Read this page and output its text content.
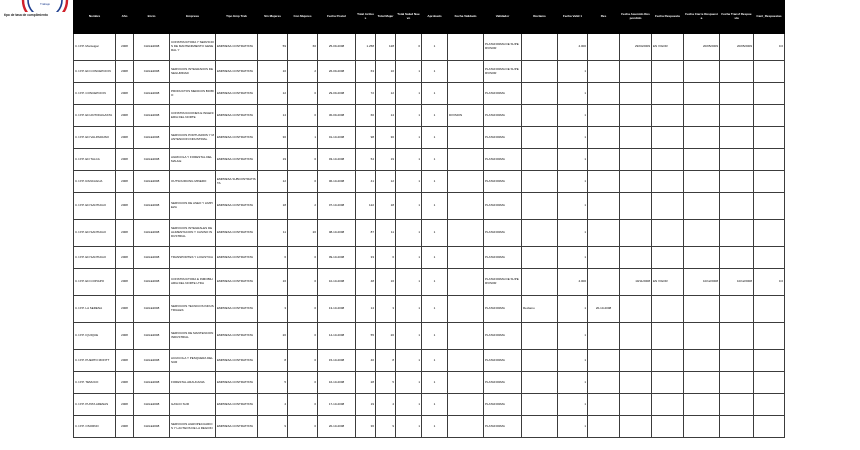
Trabajo
tipo de tasa de cumplimiento	Nombre	Año	Inicio	Empresa	Tipo Emp Trab	Sin Mujeres	Con Mujeres	Fecha Postul	Total Activos	Total Mujer	Total Salud Nuevo	Aprobado	Fecha Validado	Validador	Reclamo	Fecha Valid 1	Res	Fecha Asumido Respondido	Fecha Respuesta	Fecha Cierre Respuesta	Fecha Transf Respuesta	Cant_Respuestas
C.I.P.P. Monteigar	2008	CHILE2008	CONSTRUCTORA Y SERVICIOS DE MANTENIMIENTO GENERAL Y	EMPRESA CONTRATISTA	59	66	25-09-2008	1.258	128	0	1		PLATAFORMA DE SUPERVISOR		4.000		29/04/2009	EN VIGOR	20/05/2009	20/05/2009	0.0
C.I.P.P. EN CONCEPCION	2008	CHILE2008	SERVICIOS INTEGRADOS DE SEGURIDAD	EMPRESA CONTRATISTA	10	2	26-09-2008	63	10	1	1		PLATAFORMA DE SUPERVISOR		1						
C.I.P.P. CONCEPCION	2008	CHILE2008	PRODUCTOS MEDICOS BIOBIO	EMPRESA CONTRATISTA	12	0	29-09-2008	72	12	1	1		PLATAFORMA		1						
C.I.P.P. EN ANTOFAGASTA	2008	CHILE2008	CONSTRUCCIONES E INGENIERIA DEL NORTE	EMPRESA CONTRATISTA	14	0	30-09-2008	66	14	1	1	DIVISION	PLATAFORMA		1						
C.I.P.P. EN VALPARAISO	2008	CHILE2008	SERVICIOS PORTUARIOS Y MANTENCION INDUSTRIAL	EMPRESA CONTRATISTA	30	1	01-10-2008	98	30	1	1		PLATAFORMA		1						
C.I.P.P. EN TALCA	2008	CHILE2008	AGRICOLA Y FORESTAL DEL MAULE	EMPRESA CONTRATISTA	19	0	03-10-2008	54	19	1	1		PLATAFORMA		1						
C.I.P.P. RANCAGUA	2008	CHILE2008	OUTSOURCING MINERO	EMPRESA SUBCONTRATISTA	12	0	06-10-2008	41	12	1	1		PLATAFORMA		1						
C.I.P.P. EN SANTIAGO	2008	CHILE2008	SERVICIOS DE ASEO Y LIMPIEZA	EMPRESA CONTRATISTA	18	2	07-10-2008	122	18	1	1		PLATAFORMA		1						
C.I.P.P. EN SANTIAGO	2008	CHILE2008	SERVICIOS INTEGRALES DE ALIMENTACION Y CASINO INDUSTRIAL	EMPRESA CONTRATISTA	11	20	08-10-2008	87	11	1	1		PLATAFORMA		1						
C.I.P.P. EN SANTIAGO	2008	CHILE2008	TRANSPORTES Y LOGISTICA	EMPRESA CONTRATISTA	6	0	09-10-2008	33	6	1	1		PLATAFORMA		1						
C.I.P.P. EN COPIAPO	2008	CHILE2008	CONSTRUCTORA E INMOBILIARIA DEL NORTE LTDA	EMPRESA CONTRATISTA	16	0	10-10-2008	48	16	1	1		PLATAFORMA DE SUPERVISOR		4.000		10/11/2008	EN VIGOR	10/12/2008	10/12/2008	0.0
C.I.P.P. LA SERENA	2008	CHILE2008	SERVICIOS TECNICOS INDUSTRIALES	EMPRESA CONTRATISTA	3	0	13-10-2008	14	3	1	1		PLATAFORMA	Reclamo	1	20-10-2008					
C.I.P.P. IQUIQUE	2008	CHILE2008	SERVICIOS DE MANTENCION INDUSTRIAL	EMPRESA CONTRATISTA	20	0	14-10-2008	55	20	1	1		PLATAFORMA		1						
C.I.P.P. PUERTO MONTT	2008	CHILE2008	ACUICOLA Y PESQUERA DEL SUR	EMPRESA CONTRATISTA	8	0	15-10-2008	40	8	1	1		PLATAFORMA		1						
C.I.P.P. TEMUCO	2008	CHILE2008	FORESTAL ARAUCANIA	EMPRESA CONTRATISTA	5	0	16-10-2008	28	5	1	1		PLATAFORMA		1						
C.I.P.P. PUNTA ARENAS	2008	CHILE2008	GASCO SUR	EMPRESA CONTRATISTA	4	0	17-10-2008	19	4	1	1		PLATAFORMA		1						
C.I.P.P. OSORNO	2008	CHILE2008	SERVICIOS AGROPECUARIOS Y LACTEOS DE LA REGION	EMPRESA CONTRATISTA	9	0	20-10-2008	36	9	1	1		PLATAFORMA		1						
